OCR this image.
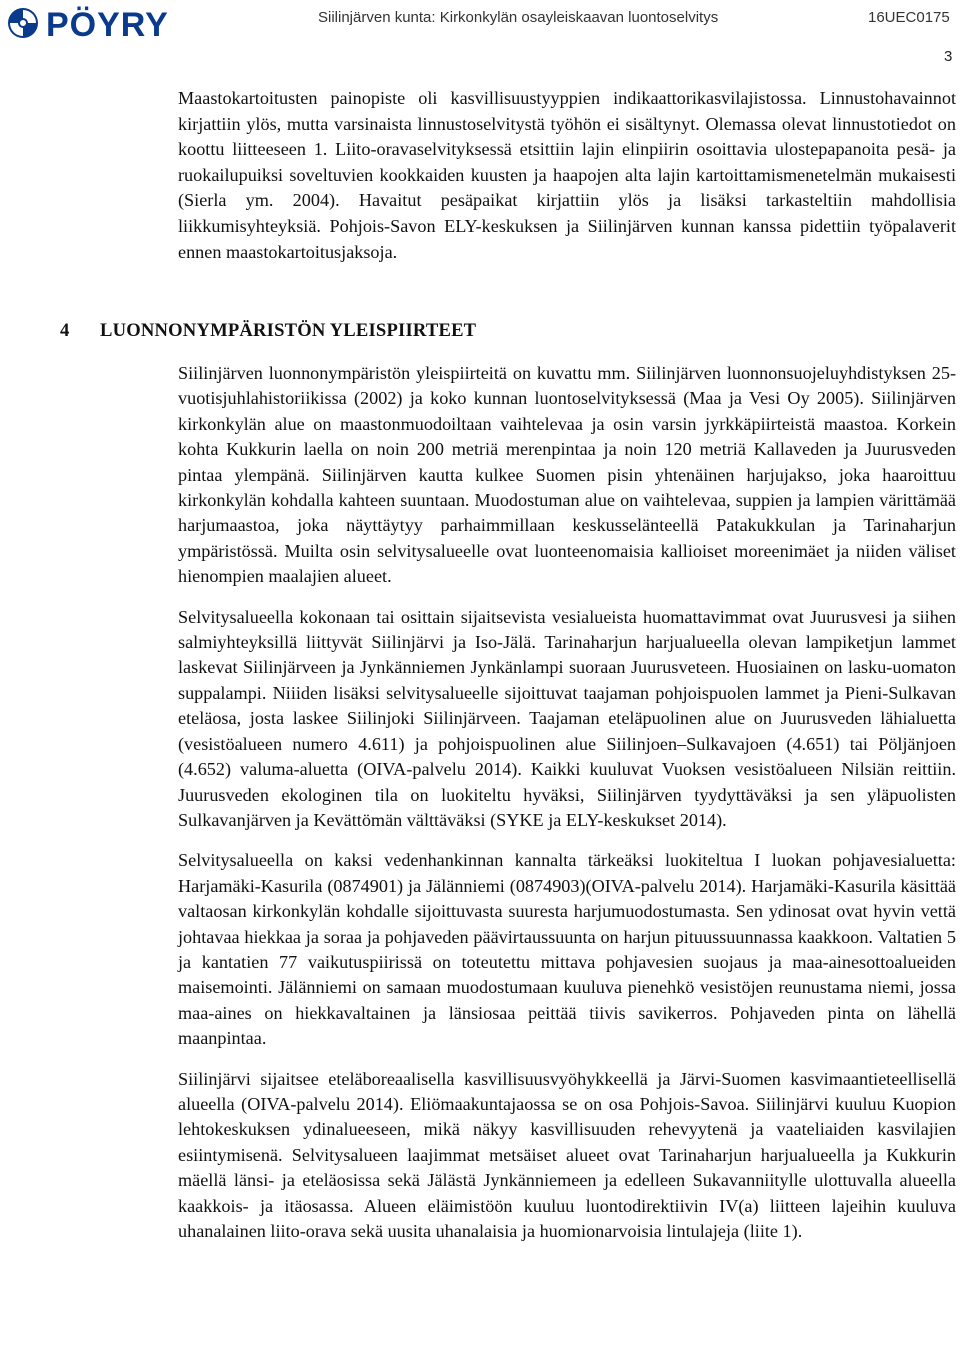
PÖYRY	Siilinjärven kunta: Kirkonkylän osayleiskaavan luontoselvitys	16UEC0175
3

Maastokartoitusten painopiste oli kasvillisuustyyppien indikaattorikasvilajistossa. Linnustohavainnot kirjattiin ylös, mutta varsinaista linnustoselvitystä työhön ei sisältynyt. Olemassa olevat linnustotiedot on koottu liitteeseen 1. Liito-oravaselvityksessä etsittiin lajin elinpiirin osoittavia ulostepapanoita pesä- ja ruokailupuiksi soveltuvien kookkaiden kuusten ja haapojen alta lajin kartoittamismenetelmän mukaisesti (Sierla ym. 2004). Havaitut pesäpaikat kirjattiin ylös ja lisäksi tarkasteltiin mahdollisia liikkumisyhteyksiä. Pohjois-Savon ELY-keskuksen ja Siilinjärven kunnan kanssa pidettiin työpalaverit ennen maastokartoitusjaksoja.

4 LUONNONYMPÄRISTÖN YLEISPIIRTEET

Siilinjärven luonnonympäristön yleispiirteitä on kuvattu mm. Siilinjärven luonnonsuojeluyhdistyksen 25-vuotisjuhlahistoriikissa (2002) ja koko kunnan luontoselvityksessä (Maa ja Vesi Oy 2005). Siilinjärven kirkonkylän alue on maastonmuodoiltaan vaihtelevaa ja osin varsin jyrkkäpiirteistä maastoa. Korkein kohta Kukkurin laella on noin 200 metriä merenpintaa ja noin 120 metriä Kallaveden ja Juurusveden pintaa ylempänä. Siilinjärven kautta kulkee Suomen pisin yhtenäinen harjujakso, joka haaroittuu kirkonkylän kohdalla kahteen suuntaan. Muodostuman alue on vaihtelevaa, suppien ja lampien värittämää harjumaastoa, joka näyttäytyy parhaimmillaan keskusselänteellä Patakukkulan ja Tarinaharjun ympäristössä. Muilta osin selvitysalueelle ovat luonteenomaisia kallioiset moreenimäet ja niiden väliset hienompien maalajien alueet.

Selvitysalueella kokonaan tai osittain sijaitsevista vesialueista huomattavimmat ovat Juurusvesi ja siihen salmiyhteyksillä liittyvät Siilinjärvi ja Iso-Jälä. Tarinaharjun harjualueella olevan lampiketjun lammet laskevat Siilinjärveen ja Jynkänniemen Jynkänlampi suoraan Juurusveteen. Huosiainen on lasku-uomaton suppalampi. Niiiden lisäksi selvitysalueelle sijoittuvat taajaman pohjoispuolen lammet ja Pieni-Sulkavan eteläosa, josta laskee Siilinjoki Siilinjärveen. Taajaman eteläpuolinen alue on Juurusveden lähialuetta (vesistöalueen numero 4.611) ja pohjoispuolinen alue Siilinjoen–Sulkavajoen (4.651) tai Pöljänjoen (4.652) valuma-aluetta (OIVA-palvelu 2014). Kaikki kuuluvat Vuoksen vesistöalueen Nilsiän reittiin. Juurusveden ekologinen tila on luokiteltu hyväksi, Siilinjärven tyydyttäväksi ja sen yläpuolisten Sulkavanjärven ja Kevättömän välttäväksi (SYKE ja ELY-keskukset 2014).

Selvitysalueella on kaksi vedenhankinnan kannalta tärkeäksi luokiteltua I luokan pohjavesialuetta: Harjamäki-Kasurila (0874901) ja Jälänniemi (0874903)(OIVA-palvelu 2014). Harjamäki-Kasurila käsittää valtaosan kirkonkylän kohdalle sijoittuvasta suuresta harjumuodostumasta. Sen ydinosat ovat hyvin vettä johtavaa hiekkaa ja soraa ja pohjaveden päävirtaussuunta on harjun pituussuunnassa kaakkoon. Valtatien 5 ja kantatien 77 vaikutuspiirissä on toteutettu mittava pohjavesien suojaus ja maa-ainesottoalueiden maisemointi. Jälänniemi on samaan muodostumaan kuuluva pienehkö vesistöjen reunustama niemi, jossa maa-aines on hiekkavaltainen ja länsiosaa peittää tiivis savikerros. Pohjaveden pinta on lähellä maanpintaa.

Siilinjärvi sijaitsee eteläboreaalisella kasvillisuusvyöhykkeellä ja Järvi-Suomen kasvimaantieteellisellä alueella (OIVA-palvelu 2014). Eliömaakuntajaossa se on osa Pohjois-Savoa. Siilinjärvi kuuluu Kuopion lehtokeskuksen ydinalueeseen, mikä näkyy kasvillisuuden rehevyytenä ja vaateliaiden kasvilajien esiintymisenä. Selvitysalueen laajimmat metsäiset alueet ovat Tarinaharjun harjualueella ja Kukkurin mäellä länsi- ja eteläosissa sekä Jälästä Jynkänniemeen ja edelleen Sukavanniitylle ulottuvalla alueella kaakkois- ja itäosassa. Alueen eläimistöön kuuluu luontodirektiivin IV(a) liitteen lajeihin kuuluva uhanalainen liito-orava sekä uusita uhanalaisia ja huomionarvoisia lintulajeja (liite 1).
